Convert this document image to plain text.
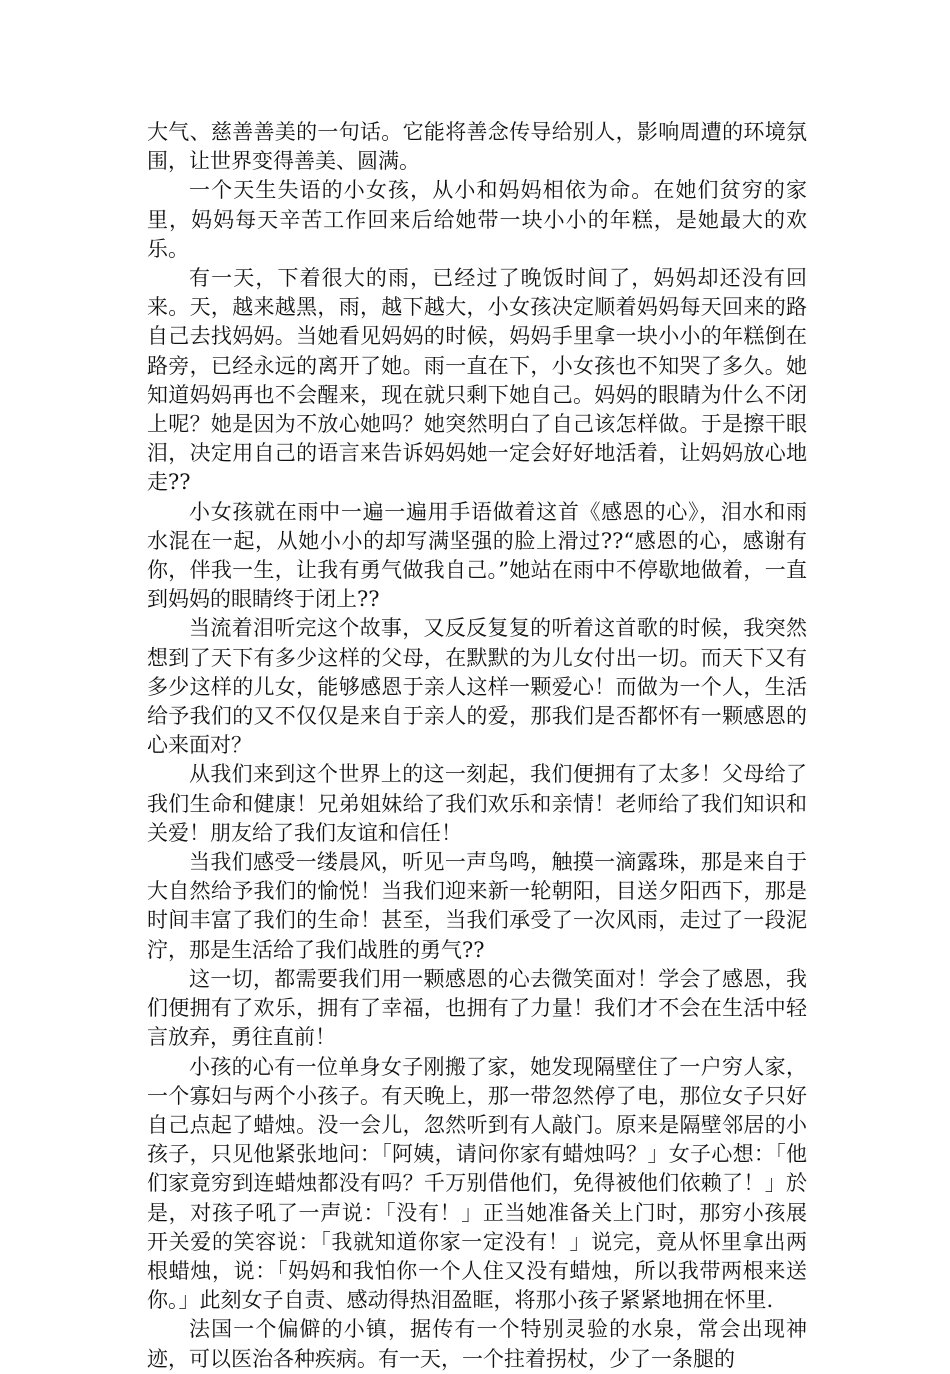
大气、慈善善美的一句话。它能将善念传导给别人，影响周遭的环境氛围，让世界变得善美、圆满。

一个天生失语的小女孩，从小和妈妈相依为命。在她们贫穷的家里，妈妈每天辛苦工作回来后给她带一块小小的年糕，是她最大的欢乐。

有一天，下着很大的雨，已经过了晚饭时间了，妈妈却还没有回来。天，越来越黑，雨，越下越大，小女孩决定顺着妈妈每天回来的路自己去找妈妈。当她看见妈妈的时候，妈妈手里拿一块小小的年糕倒在路旁，已经永远的离开了她。雨一直在下，小女孩也不知哭了多久。她知道妈妈再也不会醒来，现在就只剩下她自己。妈妈的眼睛为什么不闭上呢？她是因为不放心她吗？她突然明白了自己该怎样做。于是擦干眼泪，决定用自己的语言来告诉妈妈她一定会好好地活着，让妈妈放心地走??

小女孩就在雨中一遍一遍用手语做着这首《感恩的心》，泪水和雨水混在一起，从她小小的却写满坚强的脸上滑过??“感恩的心，感谢有你，伴我一生，让我有勇气做我自己。”她站在雨中不停歇地做着，一直到妈妈的眼睛终于闭上??

当流着泪听完这个故事，又反反复复的听着这首歌的时候，我突然想到了天下有多少这样的父母，在默默的为儿女付出一切。而天下又有多少这样的儿女，能够感恩于亲人这样一颗爱心！而做为一个人，生活给予我们的又不仅仅是来自于亲人的爱，那我们是否都怀有一颗感恩的心来面对？

从我们来到这个世界上的这一刻起，我们便拥有了太多！父母给了我们生命和健康！兄弟姐妹给了我们欢乐和亲情！老师给了我们知识和关爱！朋友给了我们友谊和信任！

当我们感受一缕晨风，听见一声鸟鸣，触摸一滴露珠，那是来自于大自然给予我们的愉悦！当我们迎来新一轮朝阳，目送夕阳西下，那是时间丰富了我们的生命！甚至，当我们承受了一次风雨，走过了一段泥泞，那是生活给了我们战胜的勇气??

这一切，都需要我们用一颗感恩的心去微笑面对！学会了感恩，我们便拥有了欢乐，拥有了幸福，也拥有了力量！我们才不会在生活中轻言放弃，勇往直前！

小孩的心有一位单身女子刚搬了家，她发现隔壁住了一户穷人家，一个寡妇与两个小孩子。有天晚上，那一带忽然停了电，那位女子只好自己点起了蜡烛。没一会儿，忽然听到有人敲门。原来是隔壁邻居的小孩子，只见他紧张地问：「阿姨，请问你家有蜡烛吗？」女子心想：「他们家竟穷到连蜡烛都没有吗？千万别借他们，免得被他们依赖了！」於是，对孩子吼了一声说：「没有！」正当她准备关上门时，那穷小孩展开关爱的笑容说：「我就知道你家一定没有！」说完，竟从怀里拿出两根蜡烛，说：「妈妈和我怕你一个人住又没有蜡烛，所以我带两根来送你。」此刻女子自责、感动得热泪盈眶，将那小孩子紧紧地拥在怀里.

法国一个偏僻的小镇，据传有一个特别灵验的水泉，常会出现神迹，可以医治各种疾病。有一天，一个拄着拐杖，少了一条腿的
